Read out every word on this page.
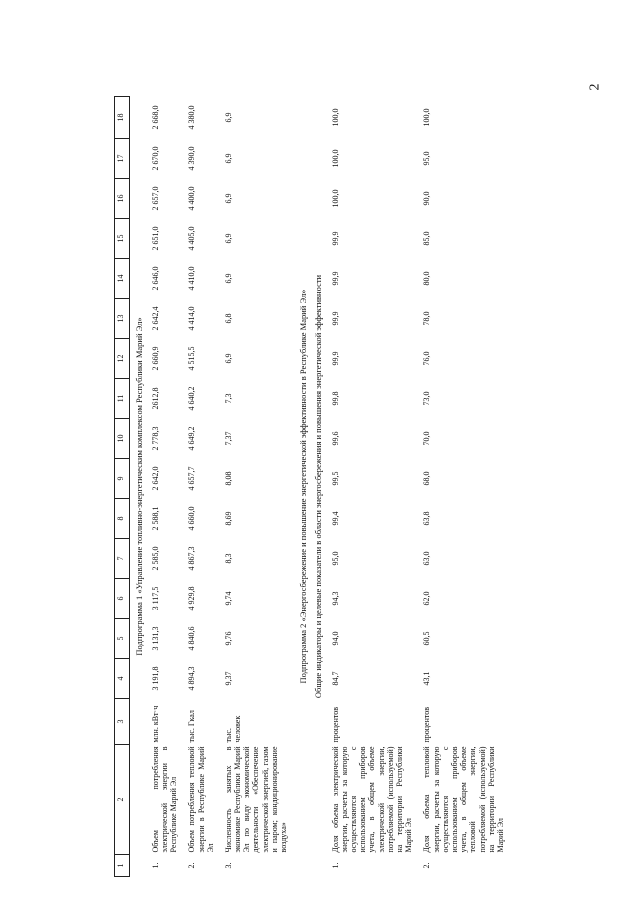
2
1	2	3	4	5	6	7	8	9	10	11	12	13	14	15	16	17	18
Подпрограмма 1 «Управление топливно-энергетическим комплексом Республики Марий Эл»																	
1.	Объем потребления электрической энергии в Республике Марий Эл	млн. кВт·ч	3 191,8	3 131,3	3 117,5	2 585,0	2 588,1	2 642,0	2 778,3	2612,8	2 660,9	2 642,4	2 646,0	2 651,0	2 657,0	2 670,0	2 668,0
2.	Объем потребления тепловой энергии в Республике Марий Эл	тыс. Гкал	4 894,3	4 840,6	4 929,8	4 867,3	4 660,0	4 657,7	4 649,2	4 640,2	4 515,5	4 414,0	4 410,0	4 405,0	4 400,0	4 390,0	4 380,0
3.	Численность занятых в экономике Республики Марий Эл по виду экономической деятельности «Обеспечение электрической энергией, газом и паром; кондиционирование воздуха»	тыс. человек	9,37	9,76	9,74	8,3	8,69	8,08	7,37	7,3	6,9	6,8	6,9	6,9	6,9	6,9	6,9
Подпрограмма 2 «Энергосбережение и повышение энергетической эффективности в Республике Марий Эл»																	
Общие индикаторы и целевые показатели в области энергосбережения и повышения энергетической эффективности																	
1.	Доля объема электрической энергии, расчеты за которую осуществляются с использованием приборов учета, в общем объеме электрической энергии, потребляемой (используемой) на территории Республики Марий Эл	процентов	84,7	94,0	94,3	95,0	99,4	99,5	99,6	99,8	99,9	99,9	99,9	99,9	100,0	100,0	100,0
2.	Доля объема тепловой энергии, расчеты за которую осуществляются с использованием приборов учета, в общем объеме тепловой энергии, потребляемой (используемой) на территории Республики Марий Эл	процентов	43,1	60,5	62,0	63,0	63,8	68,0	70,0	73,0	76,0	78,0	80,0	85,0	90,0	95,0	100,0
